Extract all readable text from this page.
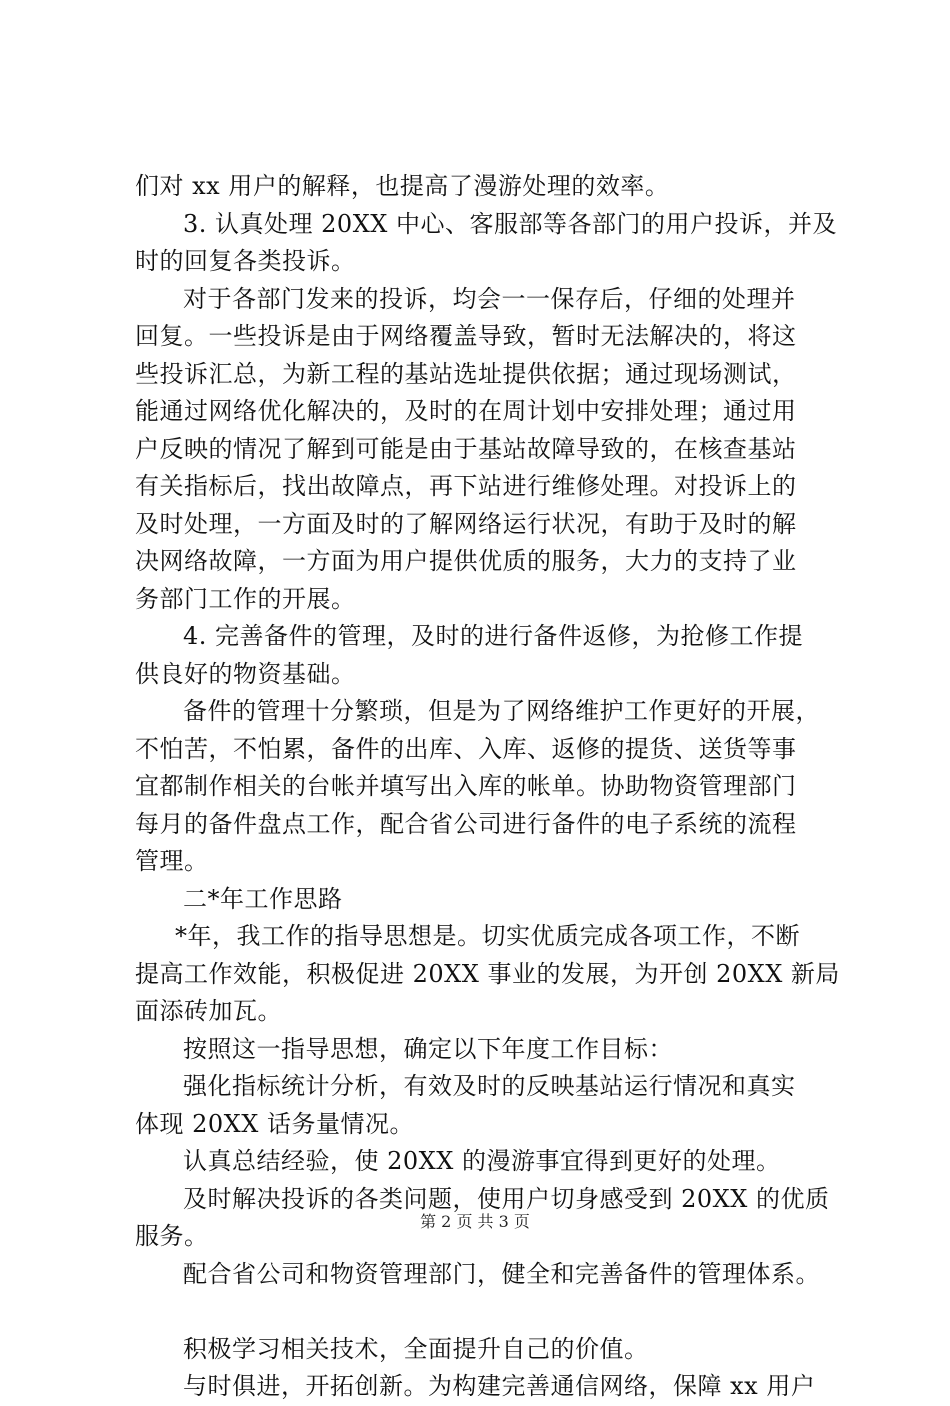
们对 xx 用户的解释，也提高了漫游处理的效率。
3. 认真处理 20XX 中心、客服部等各部门的用户投诉，并及
时的回复各类投诉。
对于各部门发来的投诉，均会一一保存后，仔细的处理并
回复。一些投诉是由于网络覆盖导致，暂时无法解决的，将这
些投诉汇总，为新工程的基站选址提供依据；通过现场测试，
能通过网络优化解决的，及时的在周计划中安排处理；通过用
户反映的情况了解到可能是由于基站故障导致的，在核查基站
有关指标后，找出故障点，再下站进行维修处理。对投诉上的
及时处理，一方面及时的了解网络运行状况，有助于及时的解
决网络故障，一方面为用户提供优质的服务，大力的支持了业
务部门工作的开展。
4. 完善备件的管理，及时的进行备件返修，为抢修工作提
供良好的物资基础。
备件的管理十分繁琐，但是为了网络维护工作更好的开展，
不怕苦，不怕累，备件的出库、入库、返修的提货、送货等事
宜都制作相关的台帐并填写出入库的帐单。协助物资管理部门
每月的备件盘点工作，配合省公司进行备件的电子系统的流程
管理。
二*年工作思路
*年，我工作的指导思想是。切实优质完成各项工作，不断
提高工作效能，积极促进 20XX 事业的发展，为开创 20XX 新局
面添砖加瓦。
按照这一指导思想，确定以下年度工作目标：
强化指标统计分析，有效及时的反映基站运行情况和真实
体现 20XX 话务量情况。
认真总结经验，使 20XX 的漫游事宜得到更好的处理。
及时解决投诉的各类问题，使用户切身感受到 20XX 的优质
服务。
配合省公司和物资管理部门，健全和完善备件的管理体系。
积极学习相关技术，全面提升自己的价值。
与时俱进，开拓创新。为构建完善通信网络，保障 xx 用户
第 2 页 共 3 页
